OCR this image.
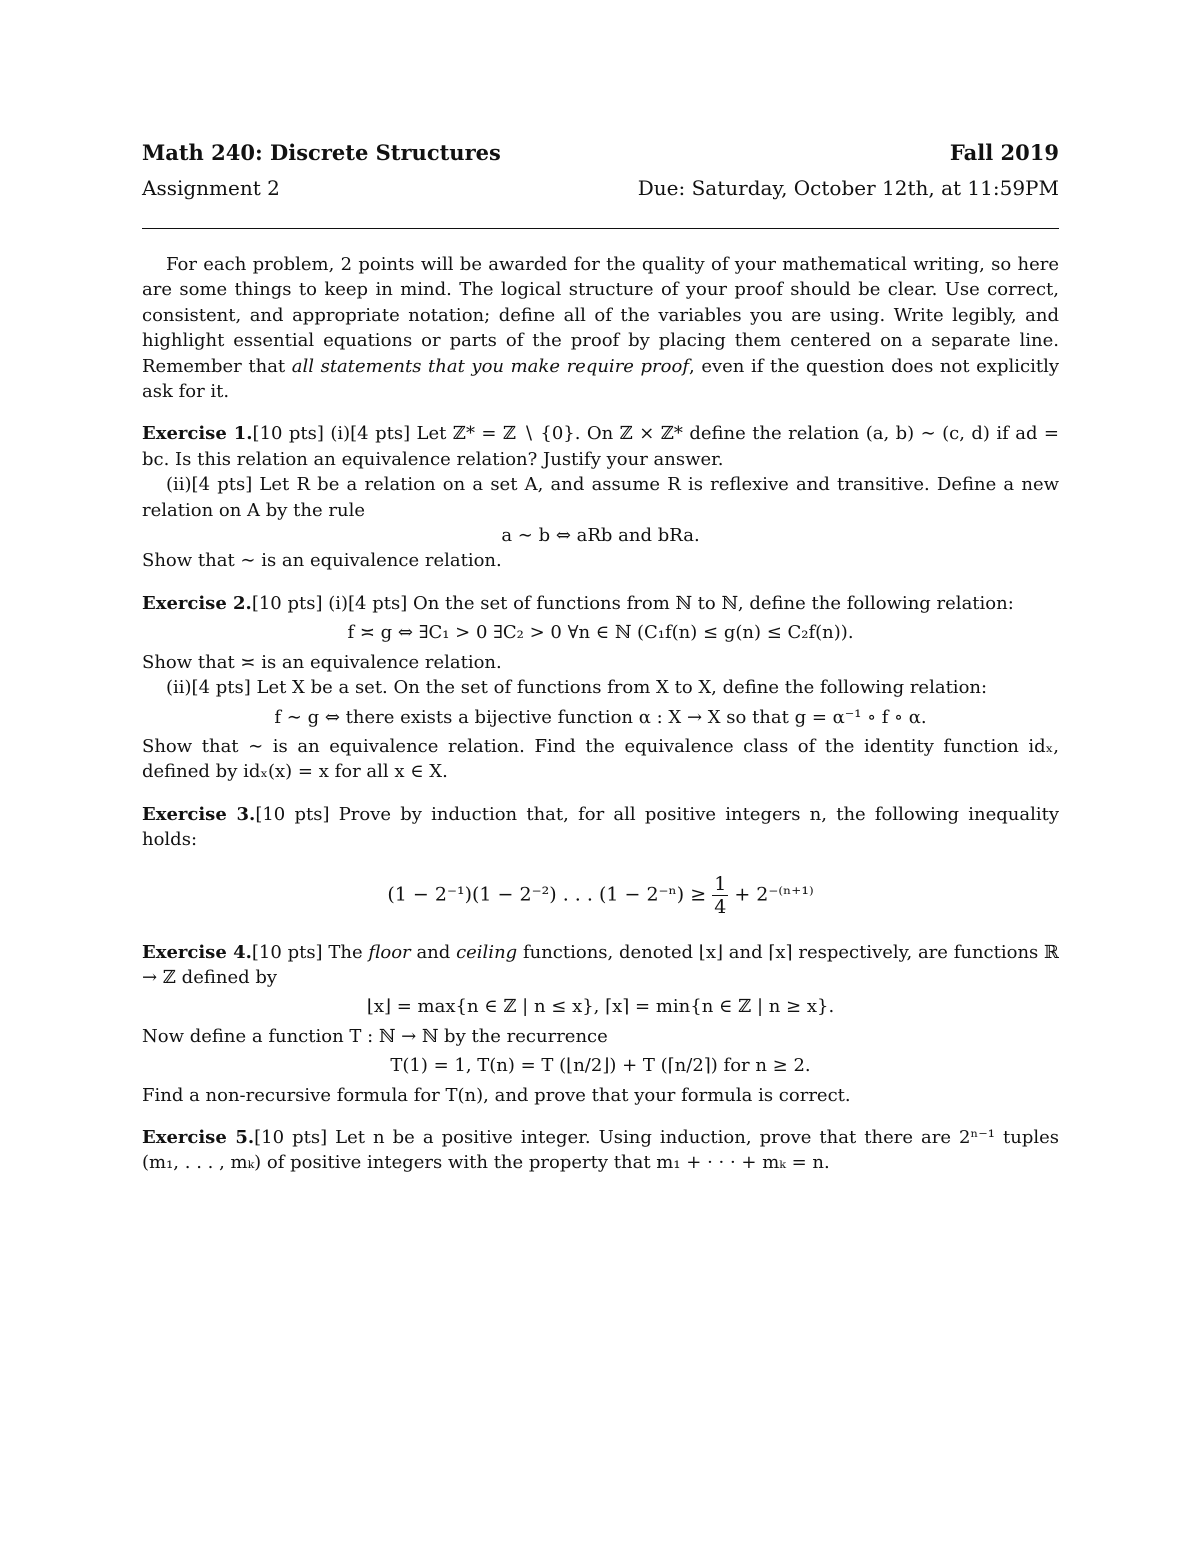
Math 240: Discrete Structures	Fall 2019
Assignment 2	Due: Saturday, October 12th, at 11:59PM

For each problem, 2 points will be awarded for the quality of your mathematical writing, so here are some things to keep in mind. The logical structure of your proof should be clear. Use correct, consistent, and appropriate notation; define all of the variables you are using. Write legibly, and highlight essential equations or parts of the proof by placing them centered on a separate line. Remember that all statements that you make require proof, even if the question does not explicitly ask for it.

Exercise 1.[10 pts] (i)[4 pts] Let ℤ* = ℤ ∖ {0}. On ℤ × ℤ* define the relation (a, b) ∼ (c, d) if ad = bc. Is this relation an equivalence relation? Justify your answer.

(ii)[4 pts] Let R be a relation on a set A, and assume R is reflexive and transitive. Define a new relation on A by the rule

a ∼ b ⇔ aRb and bRa.

Show that ∼ is an equivalence relation.

Exercise 2.[10 pts] (i)[4 pts] On the set of functions from ℕ to ℕ, define the following relation:

f ≍ g ⇔ ∃C₁ > 0 ∃C₂ > 0 ∀n ∈ ℕ (C₁f(n) ≤ g(n) ≤ C₂f(n)).

Show that ≍ is an equivalence relation.

(ii)[4 pts] Let X be a set. On the set of functions from X to X, define the following relation:

f ∼ g ⇔ there exists a bijective function α : X → X so that g = α⁻¹ ∘ f ∘ α.

Show that ∼ is an equivalence relation. Find the equivalence class of the identity function idₓ, defined by idₓ(x) = x for all x ∈ X.

Exercise 3.[10 pts] Prove by induction that, for all positive integers n, the following inequality holds:

(1 − 2⁻¹)(1 − 2⁻²) . . . $(1 - 2^{-n}) \ge \frac{1}{4} + 2^{-(n+1)}$

Exercise 4.[10 pts] The floor and ceiling functions, denoted ⌊x⌋ and ⌈x⌉ respectively, are functions ℝ → ℤ defined by

⌊x⌋ = max{n ∈ ℤ | n ≤ x}, ⌈x⌉ = min{n ∈ ℤ | n ≥ x}.

Now define a function T : ℕ → ℕ by the recurrence

T(1) = 1, T(n) = T (⌊n/2⌋) + T (⌈n/2⌉) for n ≥ 2.

Find a non-recursive formula for T(n), and prove that your formula is correct.

Exercise 5.[10 pts] Let n be a positive integer. Using induction, prove that there are 2ⁿ⁻¹ tuples (m₁, . . . , mₖ) of positive integers with the property that m₁ + · · · + mₖ = n.
